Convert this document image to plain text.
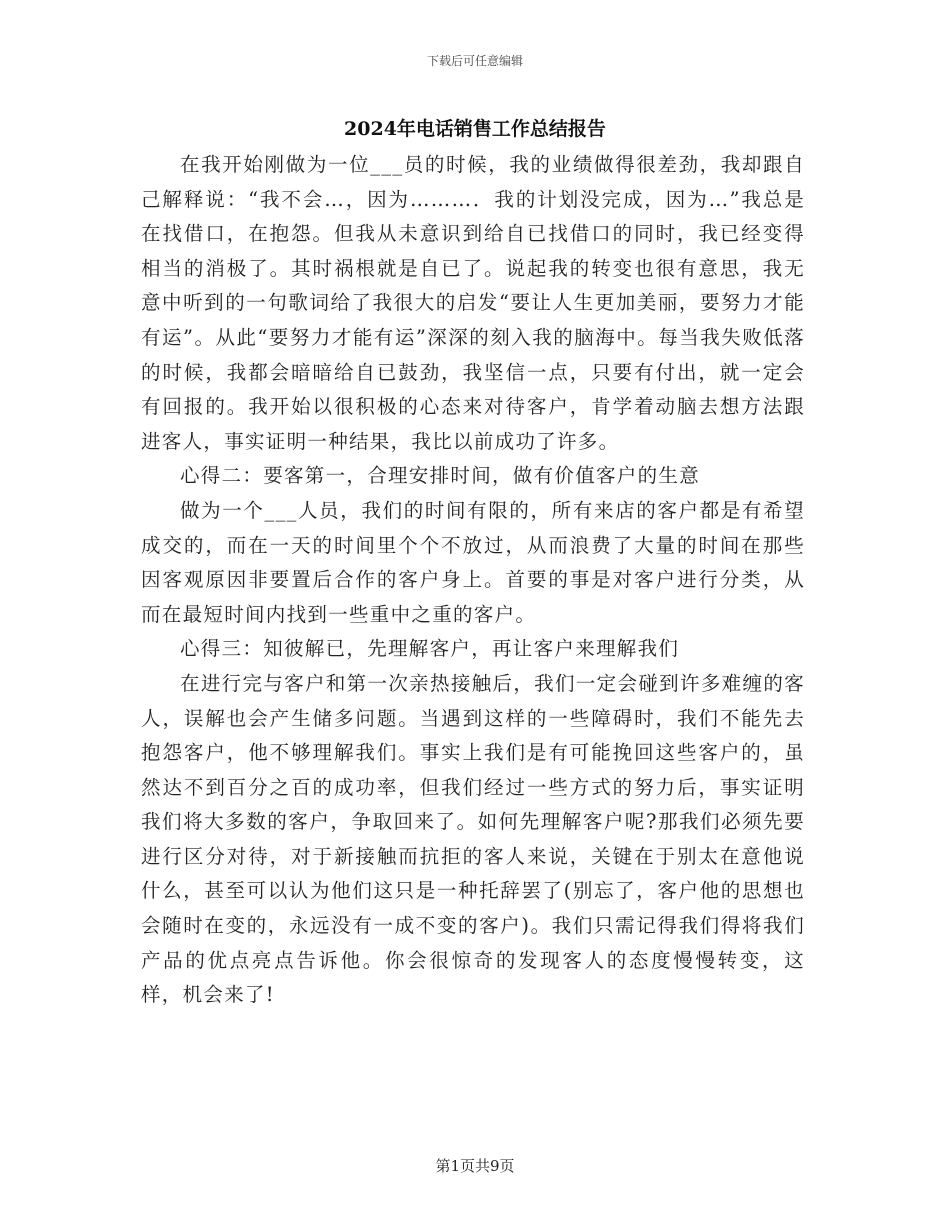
下载后可任意编辑
2024年电话销售工作总结报告

在我开始刚做为一位___员的时候，我的业绩做得很差劲，我却跟自己解释说：“我不会…，因为………．我的计划没完成，因为…”我总是在找借口，在抱怨。但我从未意识到给自已找借口的同时，我已经变得相当的消极了。其时祸根就是自已了。说起我的转变也很有意思，我无意中听到的一句歌词给了我很大的启发“要让人生更加美丽，要努力才能有运”。从此“要努力才能有运”深深的刻入我的脑海中。每当我失败低落的时候，我都会暗暗给自已鼓劲，我坚信一点，只要有付出，就一定会有回报的。我开始以很积极的心态来对待客户，肯学着动脑去想方法跟进客人，事实证明一种结果，我比以前成功了许多。

心得二：要客第一，合理安排时间，做有价值客户的生意

做为一个___人员，我们的时间有限的，所有来店的客户都是有希望成交的，而在一天的时间里个个不放过，从而浪费了大量的时间在那些因客观原因非要置后合作的客户身上。首要的事是对客户进行分类，从而在最短时间内找到一些重中之重的客户。

心得三：知彼解已，先理解客户，再让客户来理解我们

在进行完与客户和第一次亲热接触后，我们一定会碰到许多难缠的客人，误解也会产生储多问题。当遇到这样的一些障碍时，我们不能先去抱怨客户，他不够理解我们。事实上我们是有可能挽回这些客户的，虽然达不到百分之百的成功率，但我们经过一些方式的努力后，事实证明我们将大多数的客户，争取回来了。如何先理解客户呢?那我们必须先要进行区分对待，对于新接触而抗拒的客人来说，关键在于别太在意他说什么，甚至可以认为他们这只是一种托辞罢了(别忘了，客户他的思想也会随时在变的，永远没有一成不变的客户)。我们只需记得我们得将我们产品的优点亮点告诉他。你会很惊奇的发现客人的态度慢慢转变，这样，机会来了!

第1页共9页
